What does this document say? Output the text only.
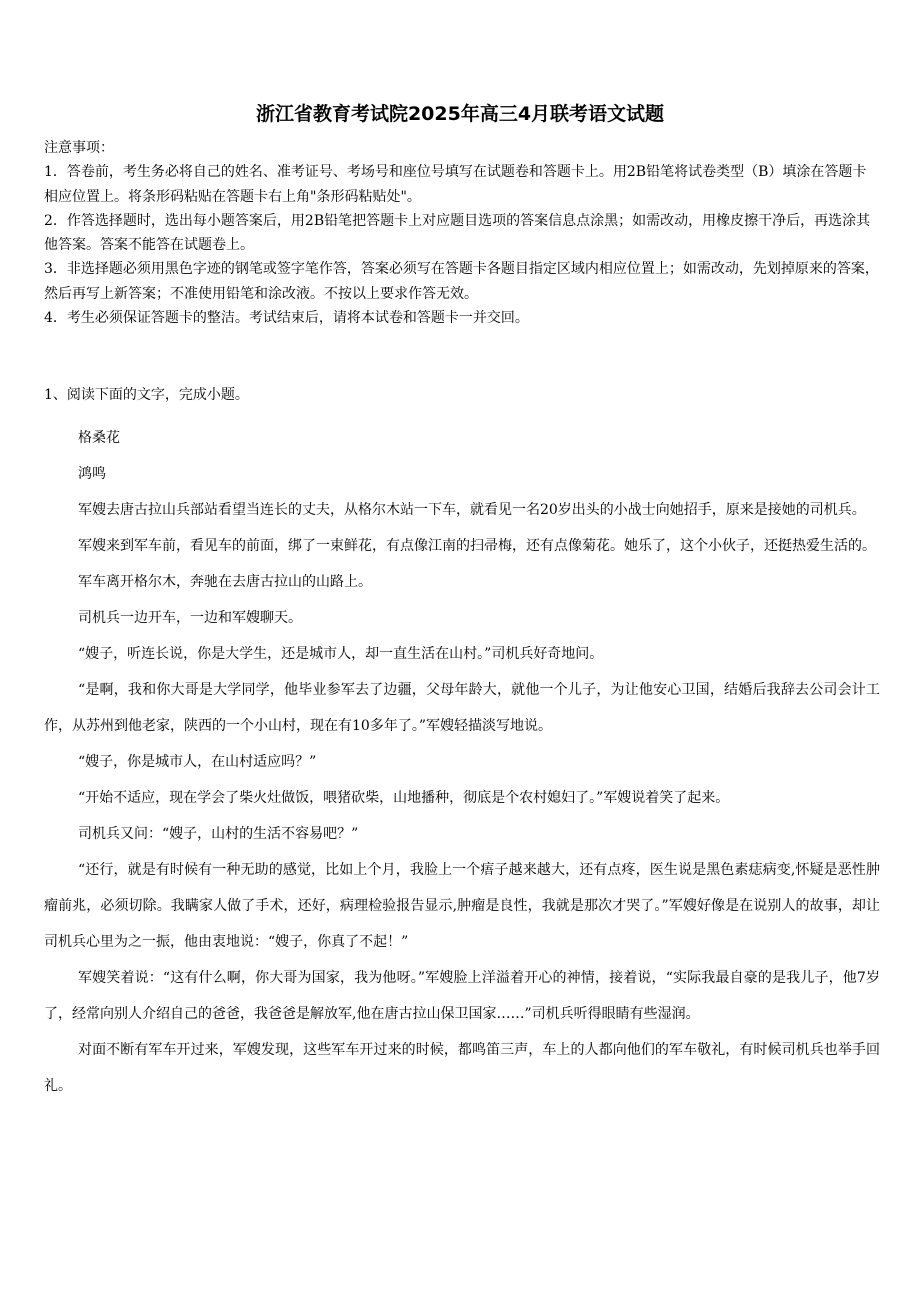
浙江省教育考试院2025年高三4月联考语文试题

注意事项：

1．答卷前，考生务必将自己的姓名、准考证号、考场号和座位号填写在试题卷和答题卡上。用2B铅笔将试卷类型（B）填涂在答题卡相应位置上。将条形码粘贴在答题卡右上角"条形码粘贴处"。

2．作答选择题时，选出每小题答案后，用2B铅笔把答题卡上对应题目选项的答案信息点涂黑；如需改动，用橡皮擦干净后，再选涂其他答案。答案不能答在试题卷上。

3．非选择题必须用黑色字迹的钢笔或签字笔作答，答案必须写在答题卡各题目指定区域内相应位置上；如需改动，先划掉原来的答案，然后再写上新答案；不准使用铅笔和涂改液。不按以上要求作答无效。

4．考生必须保证答题卡的整洁。考试结束后，请将本试卷和答题卡一并交回。

1、阅读下面的文字，完成小题。

格桑花

鸿鸣

军嫂去唐古拉山兵部站看望当连长的丈夫，从格尔木站一下车，就看见一名20岁出头的小战士向她招手，原来是接她的司机兵。

军嫂来到军车前，看见车的前面，绑了一束鲜花，有点像江南的扫帚梅，还有点像菊花。她乐了，这个小伙子，还挺热爱生活的。

军车离开格尔木，奔驰在去唐古拉山的山路上。

司机兵一边开车，一边和军嫂聊天。

“嫂子，听连长说，你是大学生，还是城市人，却一直生活在山村。”司机兵好奇地问。

“是啊，我和你大哥是大学同学，他毕业参军去了边疆，父母年龄大，就他一个儿子，为让他安心卫国，结婚后我辞去公司会计工作，从苏州到他老家，陕西的一个小山村，现在有10多年了。”军嫂轻描淡写地说。

“嫂子，你是城市人，在山村适应吗？”

“开始不适应，现在学会了柴火灶做饭，喂猪砍柴，山地播种，彻底是个农村媳妇了。”军嫂说着笑了起来。

司机兵又问：“嫂子，山村的生活不容易吧？”

“还行，就是有时候有一种无助的感觉，比如上个月，我脸上一个痦子越来越大，还有点疼，医生说是黑色素痣病变,怀疑是恶性肿瘤前兆，必须切除。我瞒家人做了手术，还好，病理检验报告显示,肿瘤是良性，我就是那次才哭了。”军嫂好像是在说别人的故事，却让司机兵心里为之一振，他由衷地说：“嫂子，你真了不起！”

军嫂笑着说：“这有什么啊，你大哥为国家，我为他呀。”军嫂脸上洋溢着开心的神情，接着说，“实际我最自豪的是我儿子，他7岁了，经常向别人介绍自己的爸爸，我爸爸是解放军,他在唐古拉山保卫国家……”司机兵听得眼睛有些湿润。

对面不断有军车开过来，军嫂发现，这些军车开过来的时候，都鸣笛三声，车上的人都向他们的军车敬礼，有时候司机兵也举手回礼。
